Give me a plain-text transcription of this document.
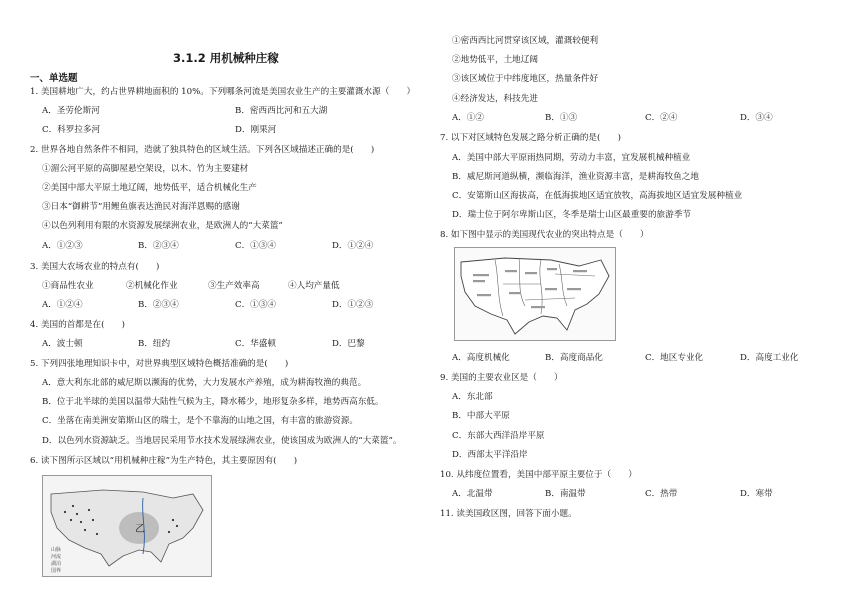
3.1.2 用机械种庄稼
一、单选题
1. 美国耕地广大，约占世界耕地面积的 10%。下列哪条河流是美国农业生产的主要灌溉水源（　　）
A．圣劳伦斯河	B．密西西比河和五大湖
C．科罗拉多河	D．刚果河
2. 世界各地自然条件不相同，造就了独具特色的区域生活。下列各区域描述正确的是(　　)
①湄公河平原的高脚屋悬空架设，以木、竹为主要建材
②美国中部大平原土地辽阔，地势低平，适合机械化生产
③日本“御耕节”用鲤鱼旗表达渔民对海洋恩赐的感谢
④以色列利用有限的水资源发展绿洲农业，是欧洲人的“大菜篮”
A．①②③	B．②③④	C．①③④	D．①②④
3. 美国大农场农业的特点有(　　)
①商品性农业	②机械化作业	③生产效率高	④人均产量低
A．①②④	B．②③④	C．①③④	D．①②③
4. 美国的首都是在(　　)
A．波士顿	B．纽约	C．华盛顿	D．巴黎
5. 下列四张地理知识卡中，对世界典型区域特色概括准确的是(　　)
A．意大利东北部的威尼斯以濒海的优势，大力发展水产养殖，成为耕海牧渔的典范。
B．位于北半球的美国以温带大陆性气候为主，降水稀少，地形复杂多样，地势西高东低。
C．坐落在南美洲安第斯山区的瑞士，是个不靠海的山地之国，有丰富的旅游资源。
D．以色列水资源缺乏。当地居民采用节水技术发展绿洲农业，使该国成为欧洲人的“大菜篮”。
6. 读下图所示区域以“用机械种庄稼”为生产特色，其主要原因有(　　)
乙
山脉
河流
湖泊
国界
①密西西比河贯穿该区域，灌溉较便利
②地势低平，土地辽阔
③该区域位于中纬度地区，热量条件好
④经济发达，科技先进
A．①②	B．①③	C．②④	D．③④
7. 以下对区域特色发展之路分析正确的是(　　)
A．美国中部大平原雨热同期，劳动力丰富，宜发展机械种植业
B．威尼斯河道纵横，濒临海洋，渔业资源丰富，是耕海牧鱼之地
C．安第斯山区海拔高，在低海拔地区适宜放牧，高海拔地区适宜发展种植业
D．瑞士位于阿尔卑斯山区，冬季是瑞士山区最重要的旅游季节
8. 如下图中显示的美国现代农业的突出特点是（　　）
A．高度机械化	B．高度商品化	C．地区专业化	D．高度工业化
9. 美国的主要农业区是（　　）
A．东北部
B．中部大平原
C．东部大西洋沿岸平原
D．西部太平洋沿岸
10. 从纬度位置看，美国中部平原主要位于（　　）
A．北温带	B．南温带	C．热带	D．寒带
11. 读美国政区图，回答下面小题。
